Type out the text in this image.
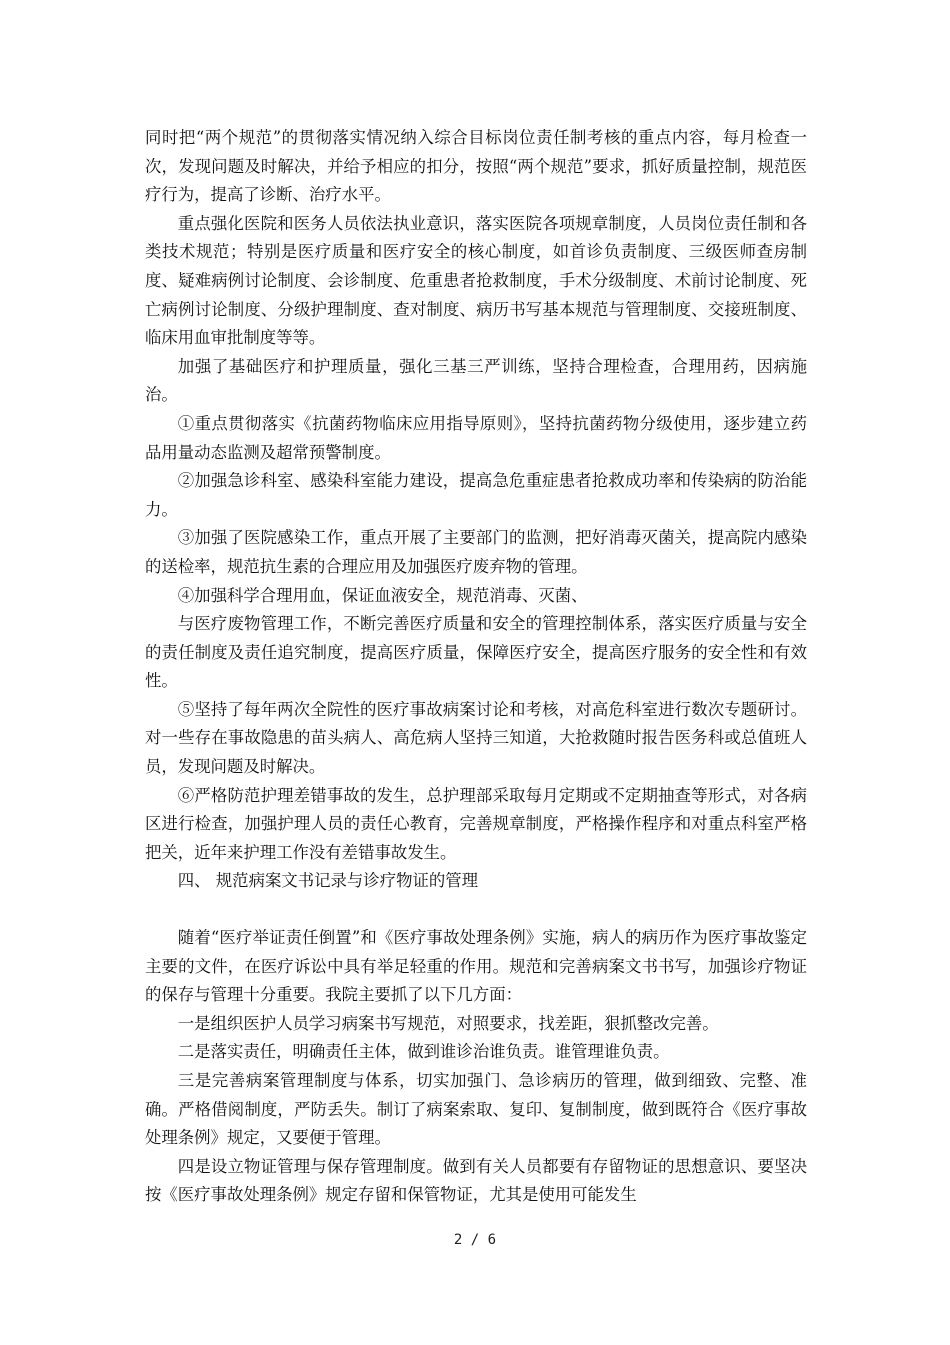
同时把“两个规范”的贯彻落实情况纳入综合目标岗位责任制考核的重点内容，每月检查一次，发现问题及时解决，并给予相应的扣分，按照“两个规范”要求，抓好质量控制，规范医疗行为，提高了诊断、治疗水平。

重点强化医院和医务人员依法执业意识，落实医院各项规章制度，人员岗位责任制和各类技术规范；特别是医疗质量和医疗安全的核心制度，如首诊负责制度、三级医师查房制度、疑难病例讨论制度、会诊制度、危重患者抢救制度，手术分级制度、术前讨论制度、死亡病例讨论制度、分级护理制度、查对制度、病历书写基本规范与管理制度、交接班制度、临床用血审批制度等等。

加强了基础医疗和护理质量，强化三基三严训练，坚持合理检查，合理用药，因病施治。

①重点贯彻落实《抗菌药物临床应用指导原则》，坚持抗菌药物分级使用，逐步建立药品用量动态监测及超常预警制度。

②加强急诊科室、感染科室能力建设，提高急危重症患者抢救成功率和传染病的防治能力。

③加强了医院感染工作，重点开展了主要部门的监测，把好消毒灭菌关，提高院内感染的送检率，规范抗生素的合理应用及加强医疗废弃物的管理。

④加强科学合理用血，保证血液安全，规范消毒、灭菌、

与医疗废物管理工作，不断完善医疗质量和安全的管理控制体系，落实医疗质量与安全的责任制度及责任追究制度，提高医疗质量，保障医疗安全，提高医疗服务的安全性和有效性。

⑤坚持了每年两次全院性的医疗事故病案讨论和考核，对高危科室进行数次专题研讨。对一些存在事故隐患的苗头病人、高危病人坚持三知道，大抢救随时报告医务科或总值班人员，发现问题及时解决。

⑥严格防范护理差错事故的发生，总护理部采取每月定期或不定期抽查等形式，对各病区进行检查，加强护理人员的责任心教育，完善规章制度，严格操作程序和对重点科室严格把关，近年来护理工作没有差错事故发生。

四、 规范病案文书记录与诊疗物证的管理

随着“医疗举证责任倒置”和《医疗事故处理条例》实施，病人的病历作为医疗事故鉴定主要的文件，在医疗诉讼中具有举足轻重的作用。规范和完善病案文书书写，加强诊疗物证的保存与管理十分重要。我院主要抓了以下几方面：

一是组织医护人员学习病案书写规范，对照要求，找差距，狠抓整改完善。

二是落实责任，明确责任主体，做到谁诊治谁负责。谁管理谁负责。

三是完善病案管理制度与体系，切实加强门、急诊病历的管理，做到细致、完整、准确。严格借阅制度，严防丢失。制订了病案索取、复印、复制制度，做到既符合《医疗事故处理条例》规定，又要便于管理。

四是设立物证管理与保存管理制度。做到有关人员都要有存留物证的思想意识、要坚决按《医疗事故处理条例》规定存留和保管物证，尤其是使用可能发生

2 / 6
